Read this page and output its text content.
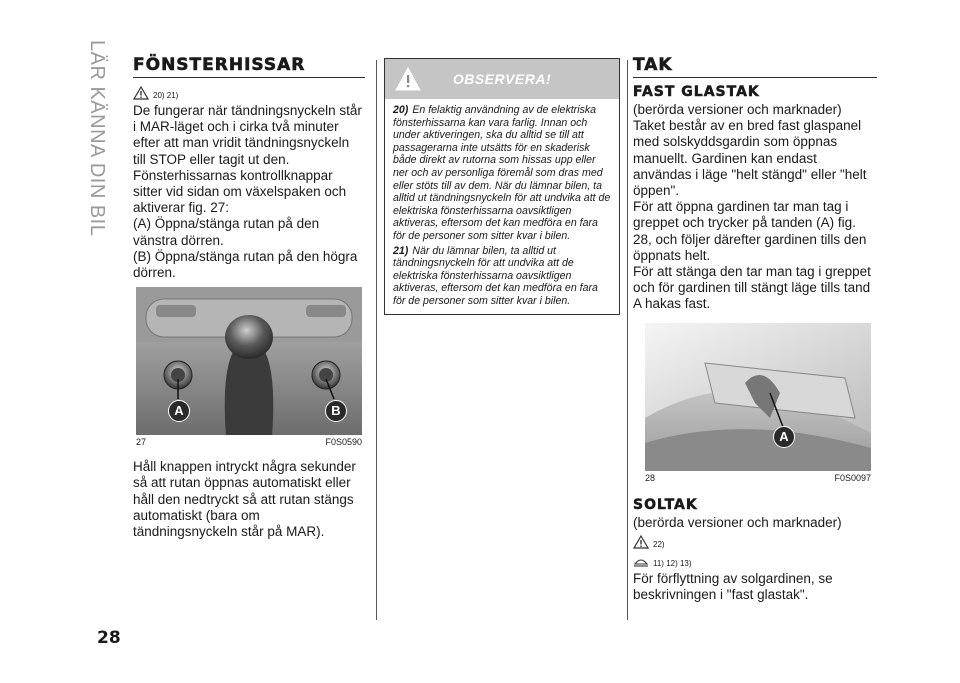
LÄR KÄNNA DIN BIL
28
FÖNSTERHISSAR
20) 21)

De fungerar när tändningsnyckeln står i MAR-läget och i cirka två minuter efter att man vridit tändningsnyckeln till STOP eller tagit ut den.

Fönsterhissarnas kontrollknappar sitter vid sidan om växelspaken och aktiverar fig. 27:

(A) Öppna/stänga rutan på den vänstra dörren.

(B) Öppna/stänga rutan på den högra dörren.

A	B
27	F0S0590

Håll knappen intryckt några sekunder så att rutan öppnas automatiskt eller håll den nedtryckt så att rutan stängs automatiskt (bara om tändningsnyckeln står på MAR).

OBSERVERA!
20) En felaktig användning av de elektriska fönsterhissarna kan vara farlig. Innan och under aktiveringen, ska du alltid se till att passagerarna inte utsätts för en skaderisk både direkt av rutorna som hissas upp eller ner och av personliga föremål som dras med eller stöts till av dem. När du lämnar bilen, ta alltid ut tändningsnyckeln för att undvika att de elektriska fönsterhissarna oavsiktligen aktiveras, eftersom det kan medföra en fara för de personer som sitter kvar i bilen.
21) När du lämnar bilen, ta alltid ut tändningsnyckeln för att undvika att de elektriska fönsterhissarna oavsiktligen aktiveras, eftersom det kan medföra en fara för de personer som sitter kvar i bilen.
TAK
FAST GLASTAK

(berörda versioner och marknader)

Taket består av en bred fast glaspanel med solskyddsgardin som öppnas manuellt. Gardinen kan endast användas i läge "helt stängd" eller "helt öppen".

För att öppna gardinen tar man tag i greppet och trycker på tanden (A) fig. 28, och följer därefter gardinen tills den öppnats helt.

För att stänga den tar man tag i greppet och för gardinen till stängt läge tills tand A hakas fast.

A
28	F0S0097
SOLTAK

(berörda versioner och marknader)

22)
11) 12) 13)

För förflyttning av solgardinen, se beskrivningen i "fast glastak".
